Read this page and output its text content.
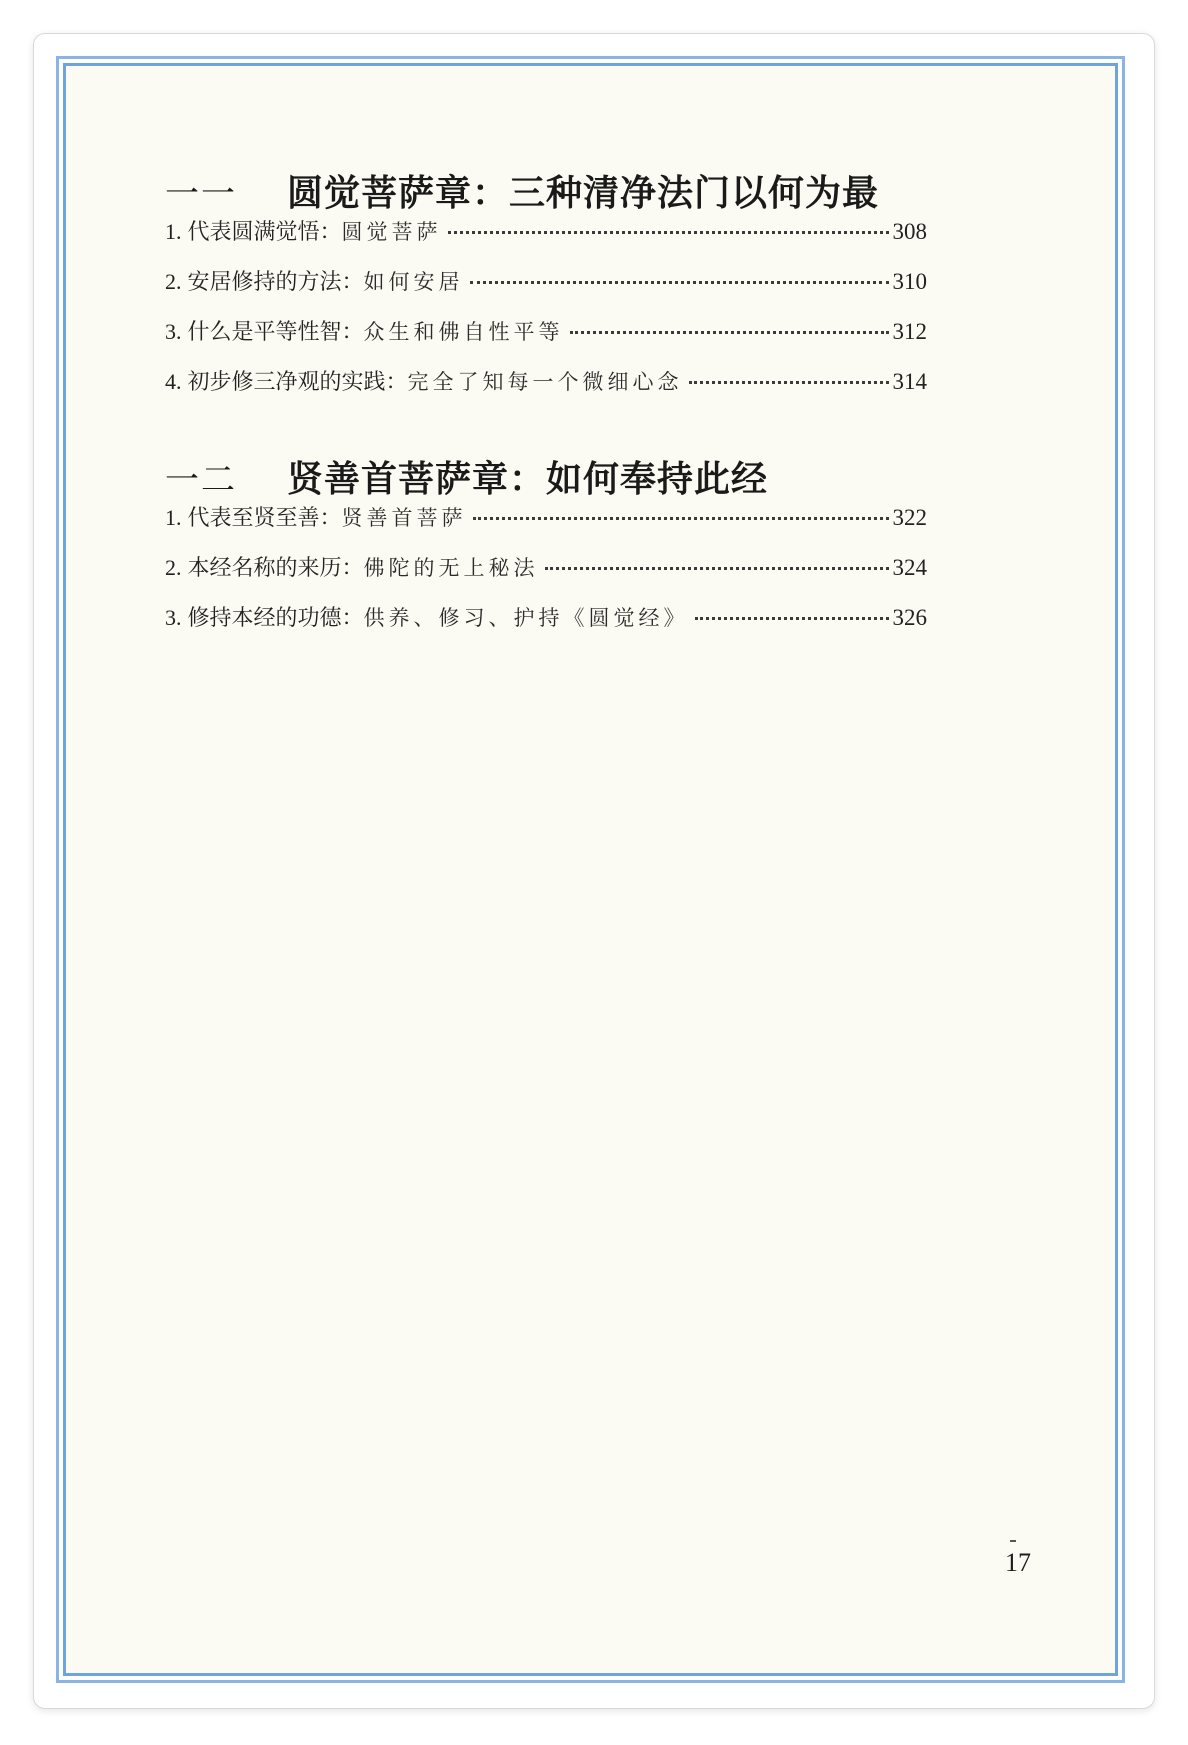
一一	圆觉菩萨章：三种清净法门以何为最
1. 代表圆满觉悟： 圆觉菩萨	308
2. 安居修持的方法： 如何安居	310
3. 什么是平等性智： 众生和佛自性平等	312
4. 初步修三净观的实践： 完全了知每一个微细心念	314
一二	贤善首菩萨章：如何奉持此经
1. 代表至贤至善： 贤善首菩萨	322
2. 本经名称的来历： 佛陀的无上秘法	324
3. 修持本经的功德： 供养、修习、护持《圆觉经》	326
17
